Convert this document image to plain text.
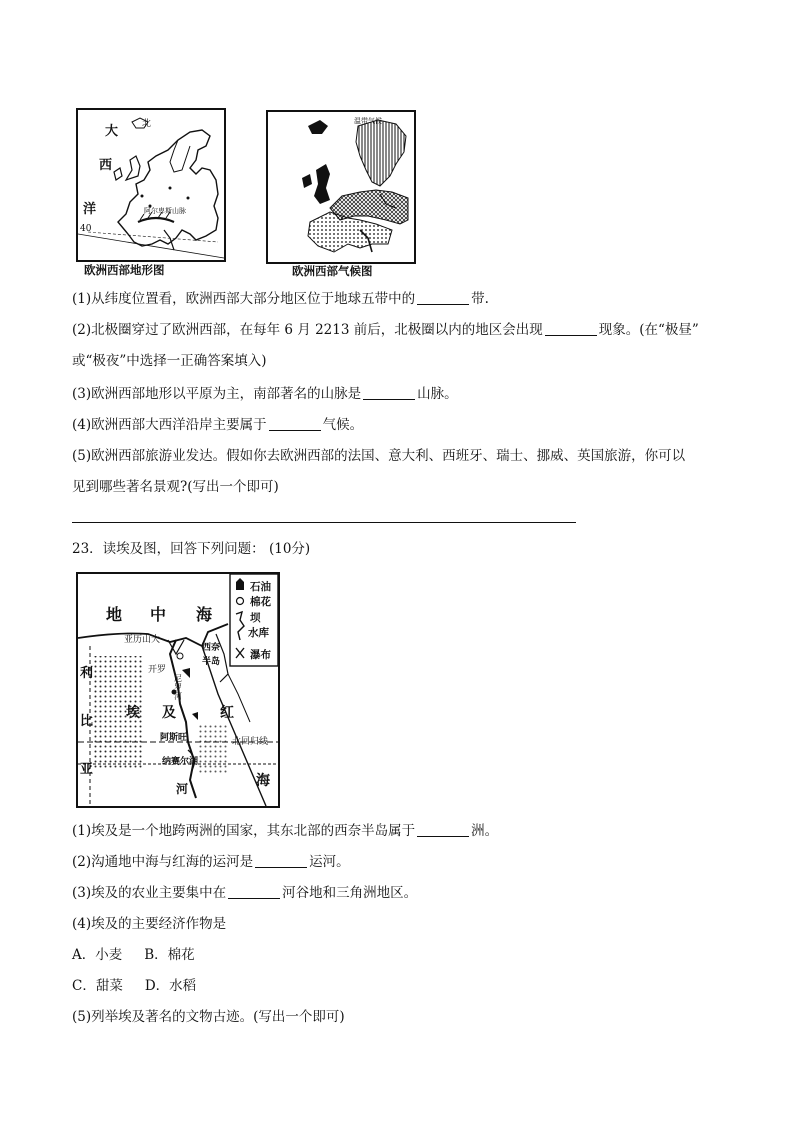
大
西
洋
北
阿尔卑斯山脉
40
欧洲西部地形图
温带气候
欧洲西部气候图
(1)从纬度位置看，欧洲西部大部分地区位于地球五带中的	带.
(2)北极圈穿过了欧洲西部，在每年 6 月 2213 前后，北极圈以内的地区会出现	现象。(在“极昼”
或“极夜”中选择一正确答案填入)
(3)欧洲西部地形以平原为主，南部著名的山脉是	山脉。
(4)欧洲西部大西洋沿岸主要属于	气候。
(5)欧洲西部旅游业发达。假如你去欧洲西部的法国、意大利、西班牙、瑞士、挪威、英国旅游，你可以
见到哪些著名景观?(写出一个即可)
23．读埃及图，回答下列问题： (10分)
地 中 海
亚历山大
开罗
西奈
半岛
利
比
亚
埃 及	红
海
阿斯旺	北回归线
纳赛尔湖
河
尼罗河
石油
棉花
坝
水库
瀑布
(1)埃及是一个地跨两洲的国家，其东北部的西奈半岛属于	洲。
(2)沟通地中海与红海的运河是	运河。
(3)埃及的农业主要集中在	河谷地和三角洲地区。
(4)埃及的主要经济作物是
A．小麦 B．棉花
C．甜菜 D．水稻
(5)列举埃及著名的文物古迹。(写出一个即可)
